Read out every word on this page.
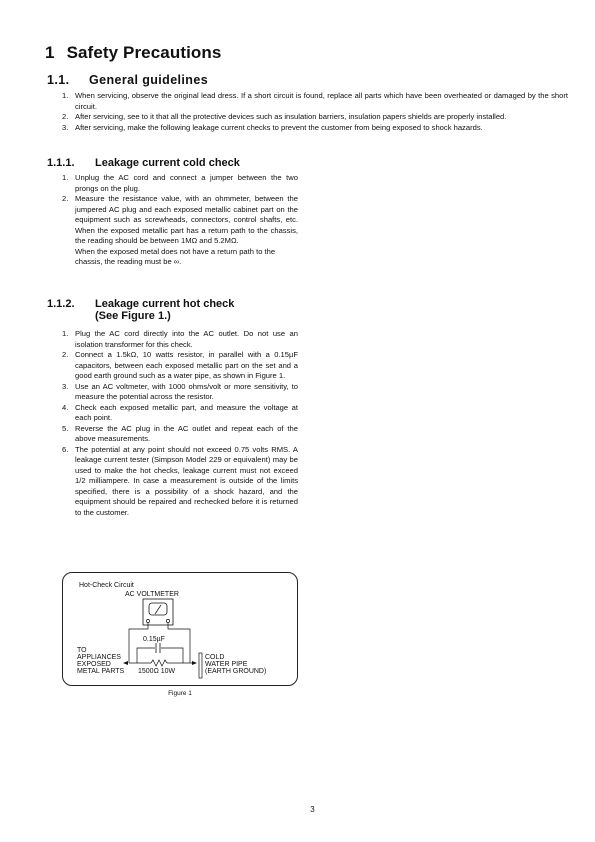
1 Safety Precautions
1.1. General guidelines
1. When servicing, observe the original lead dress. If a short circuit is found, replace all parts which have been overheated or damaged by the short circuit.
2. After servicing, see to it that all the protective devices such as insulation barriers, insulation papers shields are properly installed.
3. After servicing, make the following leakage current checks to prevent the customer from being exposed to shock hazards.
1.1.1. Leakage current cold check
1. Unplug the AC cord and connect a jumper between the two prongs on the plug.
2. Measure the resistance value, with an ohmmeter, between the jumpered AC plug and each exposed metallic cabinet part on the equipment such as screwheads, connectors, control shafts, etc. When the exposed metallic part has a return path to the chassis, the reading should be between 1MΩ and 5.2MΩ.
When the exposed metal does not have a return path to the chassis, the reading must be ∞.
1.1.2. Leakage current hot check
(See Figure 1.)
1. Plug the AC cord directly into the AC outlet. Do not use an isolation transformer for this check.
2. Connect a 1.5kΩ, 10 watts resistor, in parallel with a 0.15µF capacitors, between each exposed metallic part on the set and a good earth ground such as a water pipe, as shown in Figure 1.
3. Use an AC voltmeter, with 1000 ohms/volt or more sensitivity, to measure the potential across the resistor.
4. Check each exposed metallic part, and measure the voltage at each point.
5. Reverse the AC plug in the AC outlet and repeat each of the above measurements.
6. The potential at any point should not exceed 0.75 volts RMS. A leakage current tester (Simpson Model 229 or equivalent) may be used to make the hot checks, leakage current must not exceed 1/2 milliampere. In case a measurement is outside of the limits specified, there is a possibility of a shock hazard, and the equipment should be repaired and rechecked before it is returned to the customer.
Hot-Check Circuit
AC VOLTMETER
0.15µF
TO
APPLIANCES
EXPOSED
METAL PARTS 1500Ω 10W
COLD
WATER PIPE
(EARTH GROUND)
Figure 1
3
